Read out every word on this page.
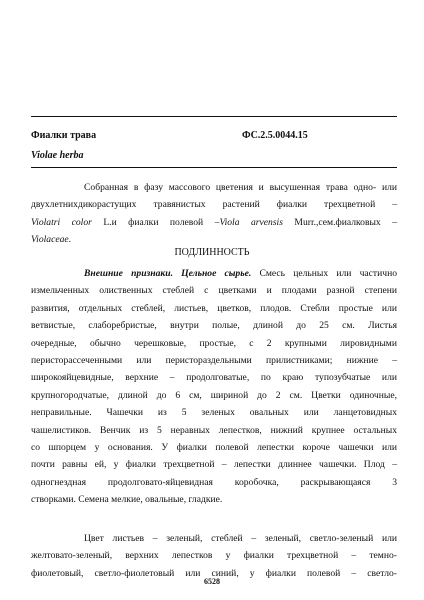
Фиалки трава	ФС.2.5.0044.15
Violae herba
Собранная в фазу массового цветения и высушенная трава одно- или
двухлетнихдикорастущих травянистых растений фиалки трехцветной –
Violatri color L.и фиалки полевой –Viola arvensis Murr.,сем.фиалковых –
Violaceae.
ПОДЛИННОСТЬ
Внешние признаки. Цельное сырье. Смесь цельных или частично
измельченных олиственных стеблей с цветками и плодами разной степени
развития, отдельных стеблей, листьев, цветков, плодов. Стебли простые или
ветвистые, слаборебристые, внутри полые, длиной до 25 см. Листья
очередные, обычно черешковые, простые, с 2 крупными лировидными
перисторассеченными или перистораздельными прилистниками; нижние –
широкояйцевидные, верхние – продолговатые, по краю тупозубчатые или
крупногородчатые, длиной до 6 см, шириной до 2 см. Цветки одиночные,
неправильные. Чашечки из 5 зеленых овальных или ланцетовидных
чашелистиков. Венчик из 5 неравных лепестков, нижний крупнее остальных
со шпорцем у основания. У фиалки полевой лепестки короче чашечки или
почти равны ей, у фиалки трехцветной – лепестки длиннее чашечки. Плод –
одногнездная продолговато-яйцевидная коробочка, раскрывающаяся 3
створками. Семена мелкие, овальные, гладкие.
Цвет листьев – зеленый, стеблей – зеленый, светло-зеленый или
желтовато-зеленый, верхних лепестков у фиалки трехцветной – темно-
фиолетовый, светло-фиолетовый или синий, у фиалки полевой – светло-
6528
